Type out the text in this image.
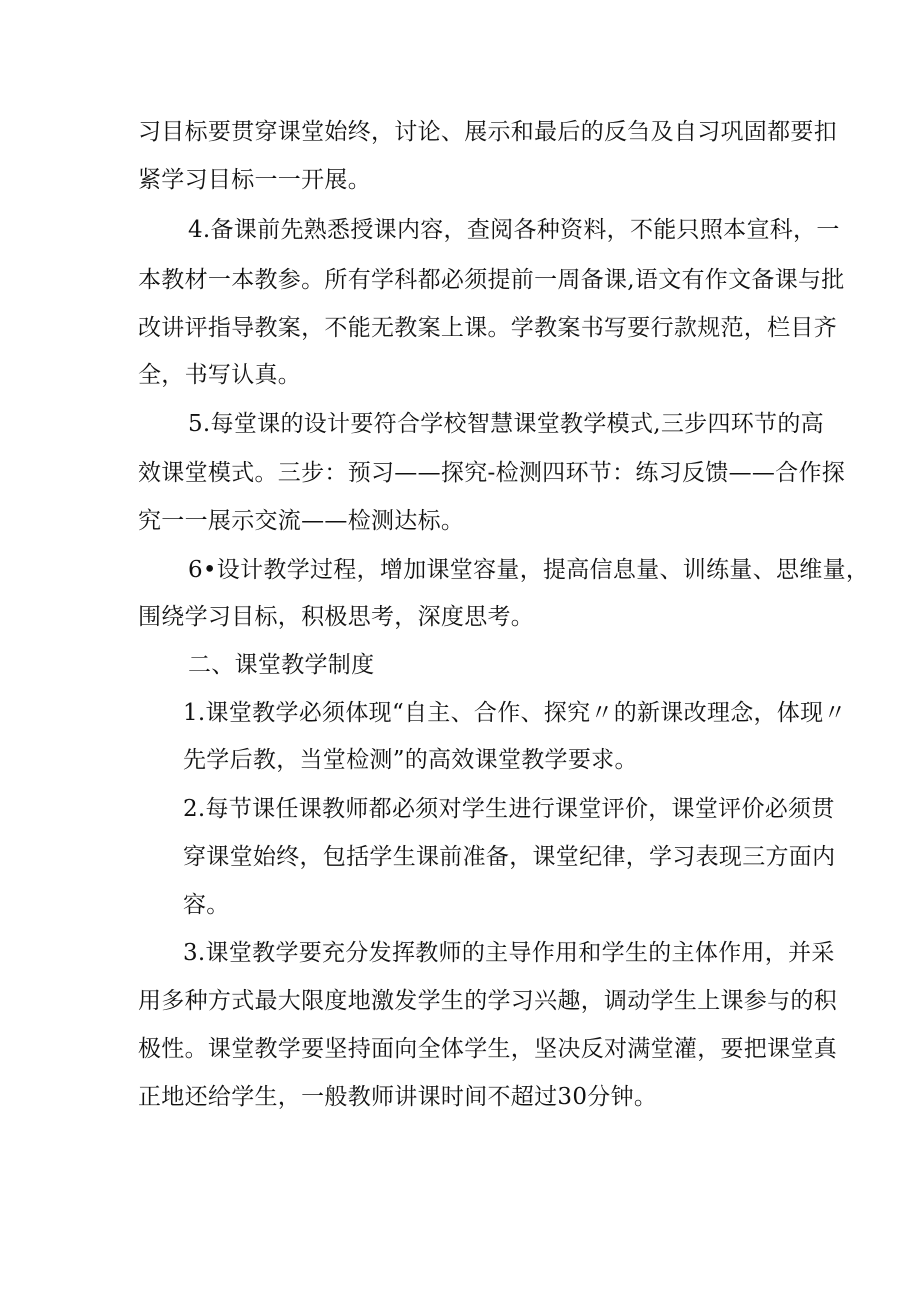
习目标要贯穿课堂始终，讨论、展示和最后的反刍及自习巩固都要扣
紧学习目标一一开展。
4.备课前先熟悉授课内容，查阅各种资料，不能只照本宣科，一
本教材一本教参。所有学科都必须提前一周备课,语文有作文备课与批
改讲评指导教案，不能无教案上课。学教案书写要行款规范，栏目齐
全，书写认真。
5.每堂课的设计要符合学校智慧课堂教学模式,三步四环节的高
效课堂模式。三步：预习——探究-检测四环节：练习反馈——合作探
究一一展示交流——检测达标。
6•设计教学过程，增加课堂容量，提高信息量、训练量、思维量，
围绕学习目标，积极思考，深度思考。
二、课堂教学制度
1.课堂教学必须体现“自主、合作、探究〃的新课改理念，体现〃
先学后教，当堂检测”的高效课堂教学要求。
2.每节课任课教师都必须对学生进行课堂评价，课堂评价必须贯
穿课堂始终，包括学生课前准备，课堂纪律，学习表现三方面内
容。
3.课堂教学要充分发挥教师的主导作用和学生的主体作用，并采
用多种方式最大限度地激发学生的学习兴趣，调动学生上课参与的积
极性。课堂教学要坚持面向全体学生，坚决反对满堂灌，要把课堂真
正地还给学生，一般教师讲课时间不超过30分钟。
